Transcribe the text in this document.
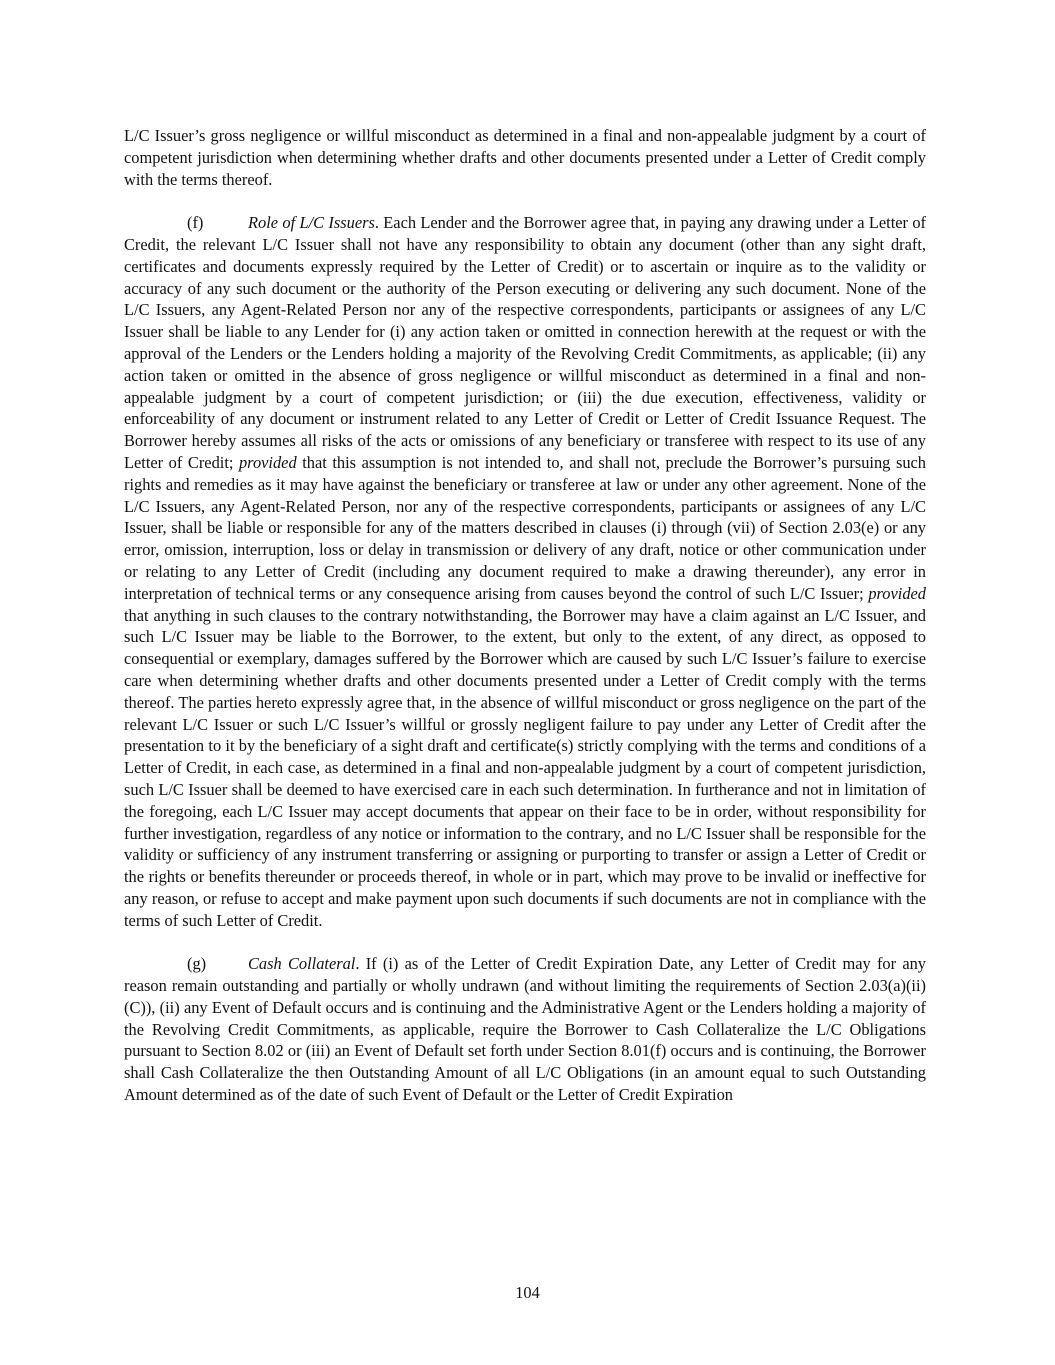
L/C Issuer’s gross negligence or willful misconduct as determined in a final and non-appealable judgment by a court of competent jurisdiction when determining whether drafts and other documents presented under a Letter of Credit comply with the terms thereof.

(f)	Role of L/C Issuers. Each Lender and the Borrower agree that, in paying any drawing under a Letter of Credit, the relevant L/C Issuer shall not have any responsibility to obtain any document (other than any sight draft, certificates and documents expressly required by the Letter of Credit) or to ascertain or inquire as to the validity or accuracy of any such document or the authority of the Person executing or delivering any such document. None of the L/C Issuers, any Agent-Related Person nor any of the respective correspondents, participants or assignees of any L/C Issuer shall be liable to any Lender for (i) any action taken or omitted in connection herewith at the request or with the approval of the Lenders or the Lenders holding a majority of the Revolving Credit Commitments, as applicable; (ii) any action taken or omitted in the absence of gross negligence or willful misconduct as determined in a final and non-appealable judgment by a court of competent jurisdiction; or (iii) the due execution, effectiveness, validity or enforceability of any document or instrument related to any Letter of Credit or Letter of Credit Issuance Request. The Borrower hereby assumes all risks of the acts or omissions of any beneficiary or transferee with respect to its use of any Letter of Credit; provided that this assumption is not intended to, and shall not, preclude the Borrower’s pursuing such rights and remedies as it may have against the beneficiary or transferee at law or under any other agreement. None of the L/C Issuers, any Agent-Related Person, nor any of the respective correspondents, participants or assignees of any L/C Issuer, shall be liable or responsible for any of the matters described in clauses (i) through (vii) of Section 2.03(e) or any error, omission, interruption, loss or delay in transmission or delivery of any draft, notice or other communication under or relating to any Letter of Credit (including any document required to make a drawing thereunder), any error in interpretation of technical terms or any consequence arising from causes beyond the control of such L/C Issuer; provided that anything in such clauses to the contrary notwithstanding, the Borrower may have a claim against an L/C Issuer, and such L/C Issuer may be liable to the Borrower, to the extent, but only to the extent, of any direct, as opposed to consequential or exemplary, damages suffered by the Borrower which are caused by such L/C Issuer’s failure to exercise care when determining whether drafts and other documents presented under a Letter of Credit comply with the terms thereof. The parties hereto expressly agree that, in the absence of willful misconduct or gross negligence on the part of the relevant L/C Issuer or such L/C Issuer’s willful or grossly negligent failure to pay under any Letter of Credit after the presentation to it by the beneficiary of a sight draft and certificate(s) strictly complying with the terms and conditions of a Letter of Credit, in each case, as determined in a final and non-appealable judgment by a court of competent jurisdiction, such L/C Issuer shall be deemed to have exercised care in each such determination. In furtherance and not in limitation of the foregoing, each L/C Issuer may accept documents that appear on their face to be in order, without responsibility for further investigation, regardless of any notice or information to the contrary, and no L/C Issuer shall be responsible for the validity or sufficiency of any instrument transferring or assigning or purporting to transfer or assign a Letter of Credit or the rights or benefits thereunder or proceeds thereof, in whole or in part, which may prove to be invalid or ineffective for any reason, or refuse to accept and make payment upon such documents if such documents are not in compliance with the terms of such Letter of Credit.

(g)	Cash Collateral. If (i) as of the Letter of Credit Expiration Date, any Letter of Credit may for any reason remain outstanding and partially or wholly undrawn (and without limiting the requirements of Section 2.03(a)(ii)(C)), (ii) any Event of Default occurs and is continuing and the Administrative Agent or the Lenders holding a majority of the Revolving Credit Commitments, as applicable, require the Borrower to Cash Collateralize the L/C Obligations pursuant to Section 8.02 or (iii) an Event of Default set forth under Section 8.01(f) occurs and is continuing, the Borrower shall Cash Collateralize the then Outstanding Amount of all L/C Obligations (in an amount equal to such Outstanding Amount determined as of the date of such Event of Default or the Letter of Credit Expiration

104
